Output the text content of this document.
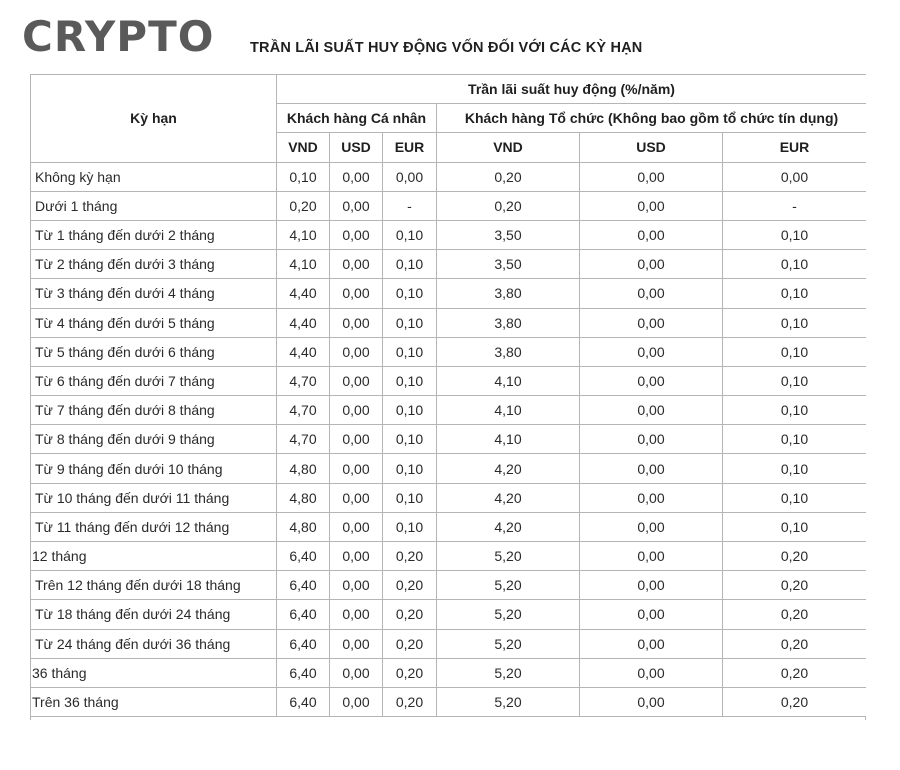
CRYPTO TRẦN LÃI SUẤT HUY ĐỘNG VỐN ĐỐI VỚI CÁC KỲ HẠN
Kỳ hạn	Trần lãi suất huy động (%/năm)					
	Khách hàng Cá nhân			Khách hàng Tổ chức (Không bao gồm tổ chức tín dụng)		
	VND	USD	EUR	VND	USD	EUR
Không kỳ hạn	0,10	0,00	0,00	0,20	0,00	0,00
Dưới 1 tháng	0,20	0,00	-	0,20	0,00	-
Từ 1 tháng đến dưới 2 tháng	4,10	0,00	0,10	3,50	0,00	0,10
Từ 2 tháng đến dưới 3 tháng	4,10	0,00	0,10	3,50	0,00	0,10
Từ 3 tháng đến dưới 4 tháng	4,40	0,00	0,10	3,80	0,00	0,10
Từ 4 tháng đến dưới 5 tháng	4,40	0,00	0,10	3,80	0,00	0,10
Từ 5 tháng đến dưới 6 tháng	4,40	0,00	0,10	3,80	0,00	0,10
Từ 6 tháng đến dưới 7 tháng	4,70	0,00	0,10	4,10	0,00	0,10
Từ 7 tháng đến dưới 8 tháng	4,70	0,00	0,10	4,10	0,00	0,10
Từ 8 tháng đến dưới 9 tháng	4,70	0,00	0,10	4,10	0,00	0,10
Từ 9 tháng đến dưới 10 tháng	4,80	0,00	0,10	4,20	0,00	0,10
Từ 10 tháng đến dưới 11 tháng	4,80	0,00	0,10	4,20	0,00	0,10
Từ 11 tháng đến dưới 12 tháng	4,80	0,00	0,10	4,20	0,00	0,10
12 tháng	6,40	0,00	0,20	5,20	0,00	0,20
Trên 12 tháng đến dưới 18 tháng	6,40	0,00	0,20	5,20	0,00	0,20
Từ 18 tháng đến dưới 24 tháng	6,40	0,00	0,20	5,20	0,00	0,20
Từ 24 tháng đến dưới 36 tháng	6,40	0,00	0,20	5,20	0,00	0,20
36 tháng	6,40	0,00	0,20	5,20	0,00	0,20
Trên 36 tháng	6,40	0,00	0,20	5,20	0,00	0,20
